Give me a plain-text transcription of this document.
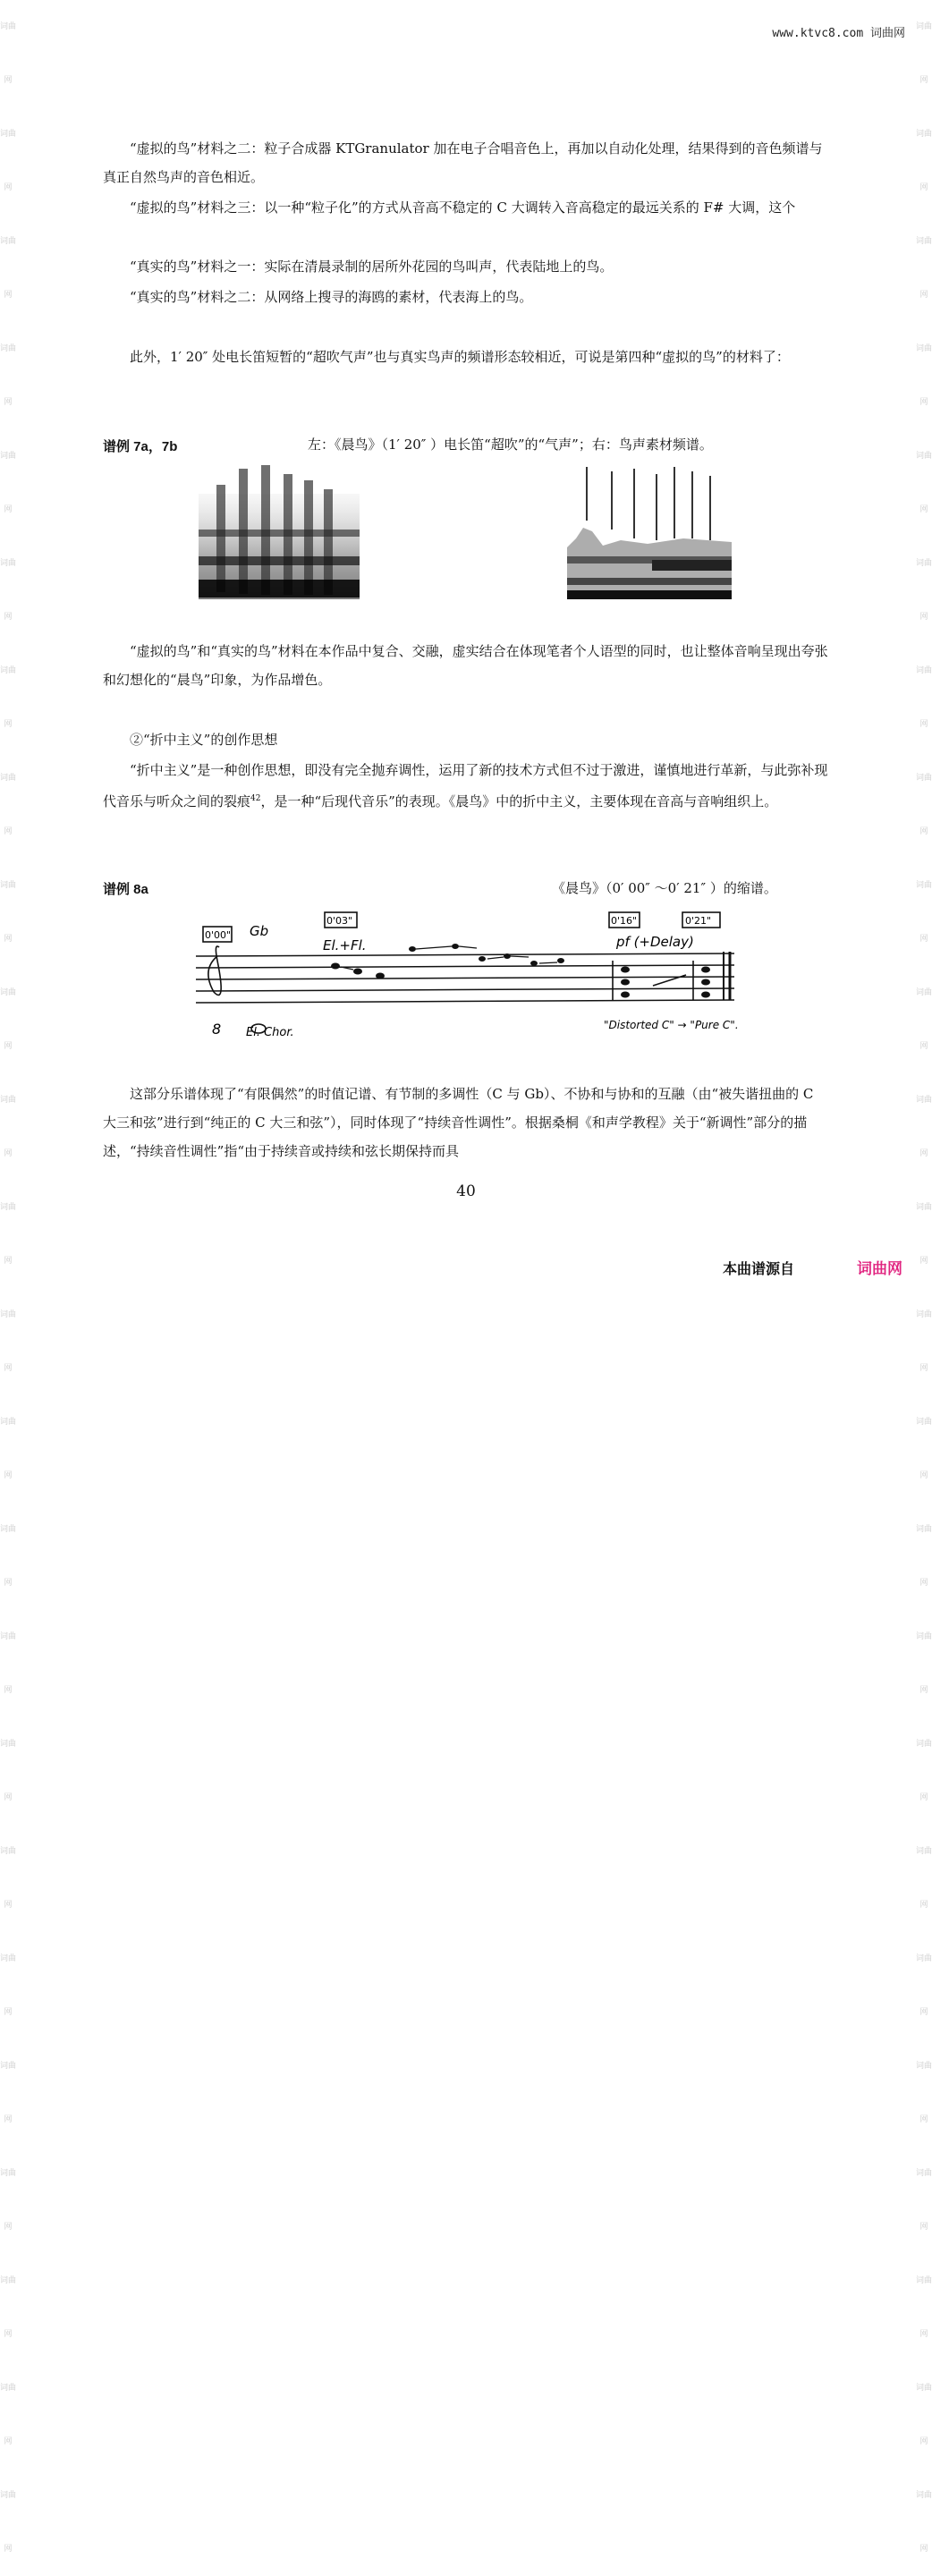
词曲网
词曲网
词曲网
词曲网
词曲网
词曲网
词曲网
词曲网
词曲网
词曲网
词曲网
词曲网
词曲网
词曲网
词曲网
词曲网
词曲网
词曲网
词曲网
词曲网
词曲网
词曲网
词曲网
词曲网
词曲网
词曲网
词曲网
词曲网
词曲网
词曲网
词曲网
词曲网
词曲网
词曲网
词曲网
词曲网
词曲网
词曲网
词曲网
词曲网
词曲网
词曲网
词曲网
词曲网
词曲网
词曲网
词曲网
词曲网
www.ktvc8.com 词曲网

“虚拟的鸟”材料之二：粒子合成器 KTGranulator 加在电子合唱音色上，再加以自动化处理，结果得到的音色频谱与真正自然鸟声的音色相近。

“虚拟的鸟”材料之三：以一种“粒子化”的方式从音高不稳定的 C 大调转入音高稳定的最远关系的 F# 大调，这个

“真实的鸟”材料之一：实际在清晨录制的居所外花园的鸟叫声，代表陆地上的鸟。

“真实的鸟”材料之二：从网络上搜寻的海鸥的素材，代表海上的鸟。

此外，1′ 20″ 处电长笛短暂的“超吹气声”也与真实鸟声的频谱形态较相近，可说是第四种“虚拟的鸟”的材料了：

谱例 7a，7b	左：《晨鸟》（1′ 20″ ）电长笛“超吹”的“气声”；右：鸟声素材频谱。

“虚拟的鸟”和“真实的鸟”材料在本作品中复合、交融，虚实结合在体现笔者个人语型的同时，也让整体音响呈现出夸张和幻想化的“晨鸟”印象，为作品增色。

②“折中主义”的创作思想

“折中主义”是一种创作思想，即没有完全抛弃调性，运用了新的技术方式但不过于激进，谨慎地进行革新，与此弥补现代音乐与听众之间的裂痕$^{42}$，是一种“后现代音乐”的表现。《晨鸟》中的折中主义，主要体现在音高与音响组织上。

谱例 8a	《晨鸟》（0′ 00″ ～0′ 21″ ）的缩谱。
0'00"
0'03"	0'16"	0'21"
Gb
El.+Fl.	pf (+Delay)
El. Chor.
"Distorted C" → "Pure C".
8

这部分乐谱体现了“有限偶然”的时值记谱、有节制的多调性（C 与 Gb）、不协和与协和的互融（由“被失谐扭曲的 C 大三和弦”进行到“纯正的 C 大三和弦”），同时体现了“持续音性调性”。根据桑桐《和声学教程》关于“新调性”部分的描述，“持续音性调性”指“由于持续音或持续和弦长期保持而具

40
本曲谱源自	词曲网
